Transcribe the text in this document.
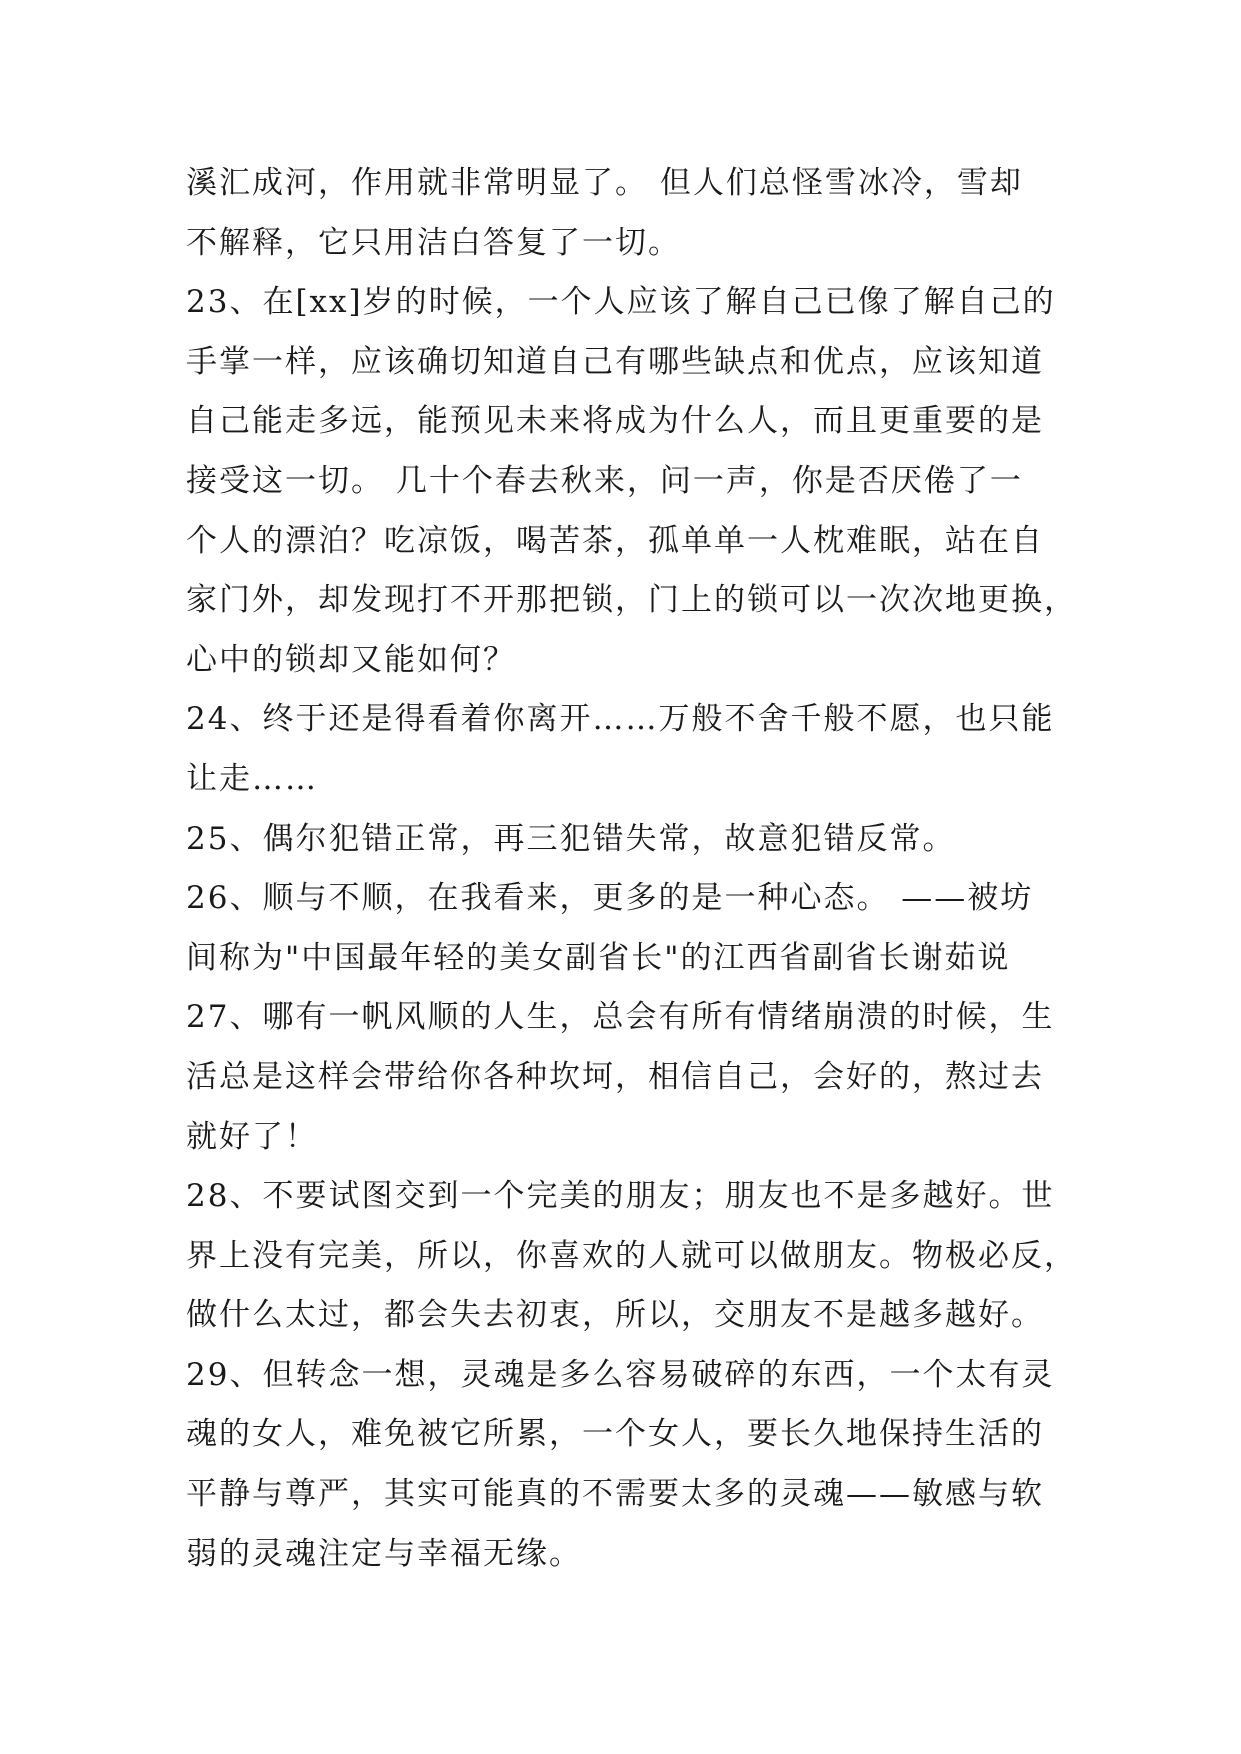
溪汇成河，作用就非常明显了。 但人们总怪雪冰冷，雪却
不解释，它只用洁白答复了一切。
23、在[xx]岁的时候，一个人应该了解自己已像了解自己的
手掌一样，应该确切知道自己有哪些缺点和优点，应该知道
自己能走多远，能预见未来将成为什么人，而且更重要的是
接受这一切。 几十个春去秋来，问一声，你是否厌倦了一
个人的漂泊？吃凉饭，喝苦茶，孤单单一人枕难眠，站在自
家门外，却发现打不开那把锁，门上的锁可以一次次地更换，
心中的锁却又能如何？
24、终于还是得看着你离开……万般不舍千般不愿，也只能
让走……
25、偶尔犯错正常，再三犯错失常，故意犯错反常。
26、顺与不顺，在我看来，更多的是一种心态。 ——被坊
间称为"中国最年轻的美女副省长"的江西省副省长谢茹说
27、哪有一帆风顺的人生，总会有所有情绪崩溃的时候，生
活总是这样会带给你各种坎坷，相信自己，会好的，熬过去
就好了！
28、不要试图交到一个完美的朋友；朋友也不是多越好。世
界上没有完美，所以，你喜欢的人就可以做朋友。物极必反，
做什么太过，都会失去初衷，所以，交朋友不是越多越好。
29、但转念一想，灵魂是多么容易破碎的东西，一个太有灵
魂的女人，难免被它所累，一个女人，要长久地保持生活的
平静与尊严，其实可能真的不需要太多的灵魂——敏感与软
弱的灵魂注定与幸福无缘。
